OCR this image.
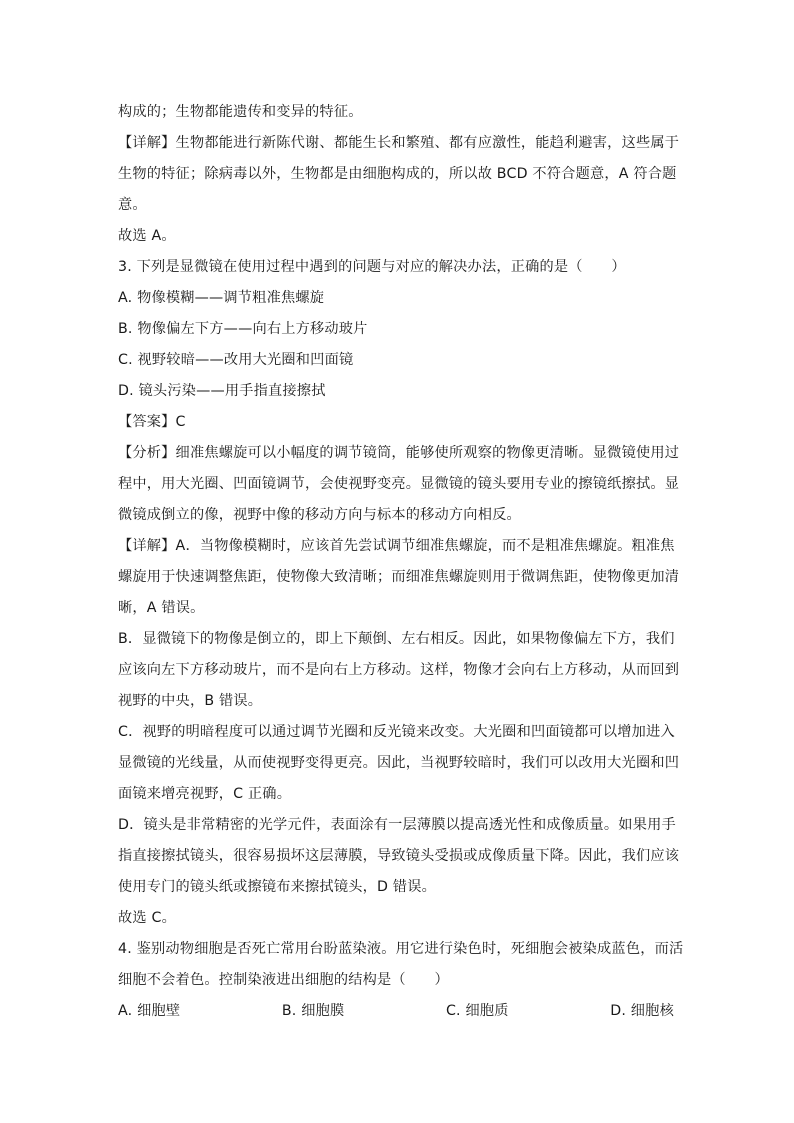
构成的；生物都能遗传和变异的特征。
【详解】生物都能进行新陈代谢、都能生长和繁殖、都有应激性，能趋利避害，这些属于
生物的特征；除病毒以外，生物都是由细胞构成的，所以故 BCD 不符合题意，A 符合题
意。
故选 A。
3. 下列是显微镜在使用过程中遇到的问题与对应的解决办法，正确的是（　　）
A. 物像模糊——调节粗准焦螺旋
B. 物像偏左下方——向右上方移动玻片
C. 视野较暗——改用大光圈和凹面镜
D. 镜头污染——用手指直接擦拭
【答案】C
【分析】细准焦螺旋可以小幅度的调节镜筒，能够使所观察的物像更清晰。显微镜使用过
程中，用大光圈、凹面镜调节，会使视野变亮。显微镜的镜头要用专业的擦镜纸擦拭。显
微镜成倒立的像，视野中像的移动方向与标本的移动方向相反。
【详解】A．当物像模糊时，应该首先尝试调节细准焦螺旋，而不是粗准焦螺旋。粗准焦
螺旋用于快速调整焦距，使物像大致清晰；而细准焦螺旋则用于微调焦距，使物像更加清
晰，A 错误。
B．显微镜下的物像是倒立的，即上下颠倒、左右相反。因此，如果物像偏左下方，我们
应该向左下方移动玻片，而不是向右上方移动。这样，物像才会向右上方移动，从而回到
视野的中央，B 错误。
C．视野的明暗程度可以通过调节光圈和反光镜来改变。大光圈和凹面镜都可以增加进入
显微镜的光线量，从而使视野变得更亮。因此，当视野较暗时，我们可以改用大光圈和凹
面镜来增亮视野，C 正确。
D．镜头是非常精密的光学元件，表面涂有一层薄膜以提高透光性和成像质量。如果用手
指直接擦拭镜头，很容易损坏这层薄膜，导致镜头受损或成像质量下降。因此，我们应该
使用专门的镜头纸或擦镜布来擦拭镜头，D 错误。
故选 C。
4. 鉴别动物细胞是否死亡常用台盼蓝染液。用它进行染色时，死细胞会被染成蓝色，而活
细胞不会着色。控制染液进出细胞的结构是（　　）
A. 细胞壁	B. 细胞膜	C. 细胞质	D. 细胞核
